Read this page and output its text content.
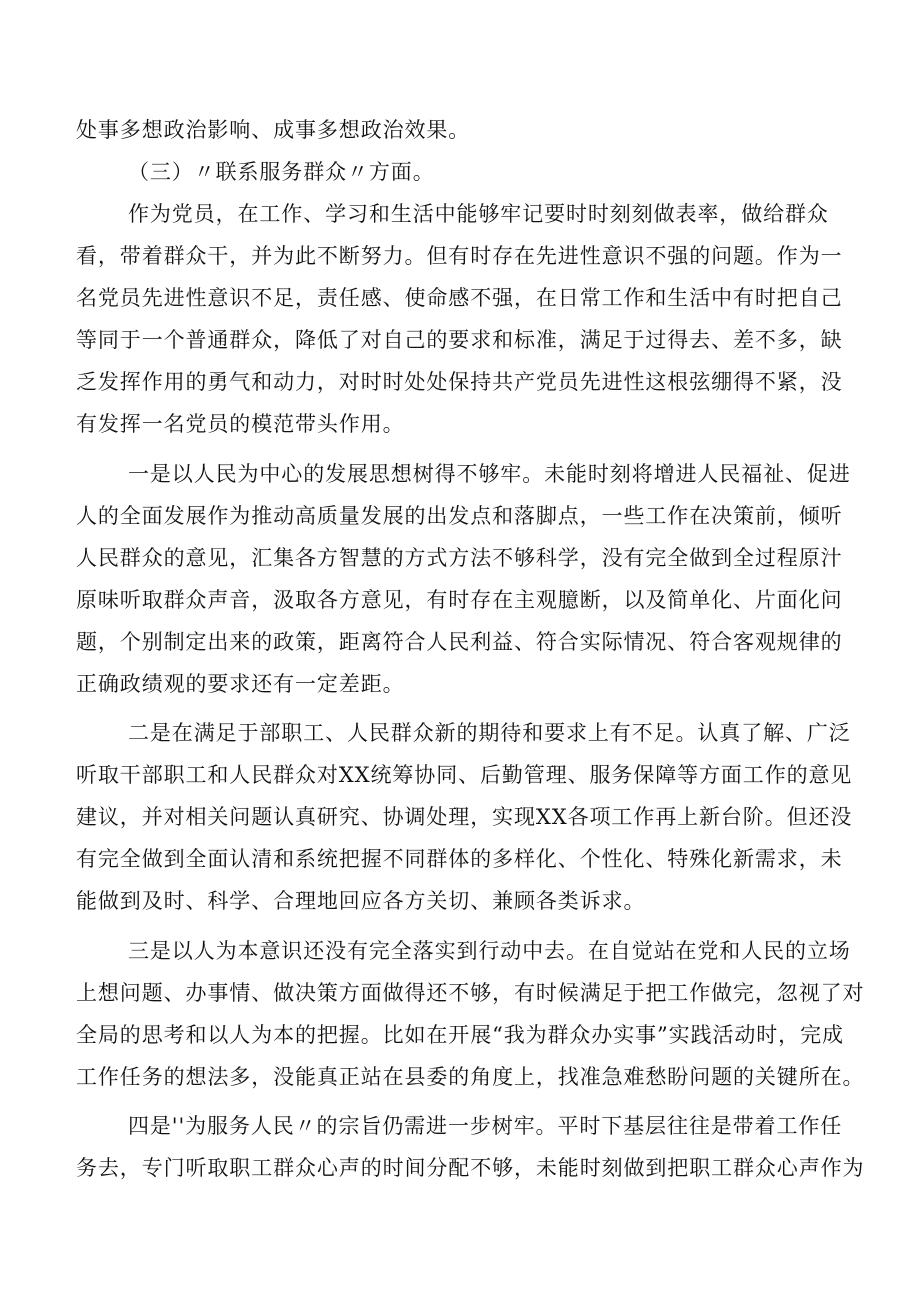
处事多想政治影响、成事多想政治效果。
（三）〃联系服务群众〃方面。
作为党员，在工作、学习和生活中能够牢记要时时刻刻做表率，做给群众
看，带着群众干，并为此不断努力。但有时存在先进性意识不强的问题。作为一
名党员先进性意识不足，责任感、使命感不强，在日常工作和生活中有时把自己
等同于一个普通群众，降低了对自己的要求和标准，满足于过得去、差不多，缺
乏发挥作用的勇气和动力，对时时处处保持共产党员先进性这根弦绷得不紧，没
有发挥一名党员的模范带头作用。
一是以人民为中心的发展思想树得不够牢。未能时刻将增进人民福祉、促进
人的全面发展作为推动高质量发展的出发点和落脚点，一些工作在决策前，倾听
人民群众的意见，汇集各方智慧的方式方法不够科学，没有完全做到全过程原汁
原味听取群众声音，汲取各方意见，有时存在主观臆断，以及简单化、片面化问
题，个别制定出来的政策，距离符合人民利益、符合实际情况、符合客观规律的
正确政绩观的要求还有一定差距。
二是在满足于部职工、人民群众新的期待和要求上有不足。认真了解、广泛
听取干部职工和人民群众对XX统筹协同、后勤管理、服务保障等方面工作的意见
建议，并对相关问题认真研究、协调处理，实现XX各项工作再上新台阶。但还没
有完全做到全面认清和系统把握不同群体的多样化、个性化、特殊化新需求，未
能做到及时、科学、合理地回应各方关切、兼顾各类诉求。
三是以人为本意识还没有完全落实到行动中去。在自觉站在党和人民的立场
上想问题、办事情、做决策方面做得还不够，有时候满足于把工作做完，忽视了对
全局的思考和以人为本的把握。比如在开展“我为群众办实事”实践活动时，完成
工作任务的想法多，没能真正站在县委的角度上，找准急难愁盼问题的关键所在。
四是''为服务人民〃的宗旨仍需进一步树牢。平时下基层往往是带着工作任
务去，专门听取职工群众心声的时间分配不够，未能时刻做到把职工群众心声作为
